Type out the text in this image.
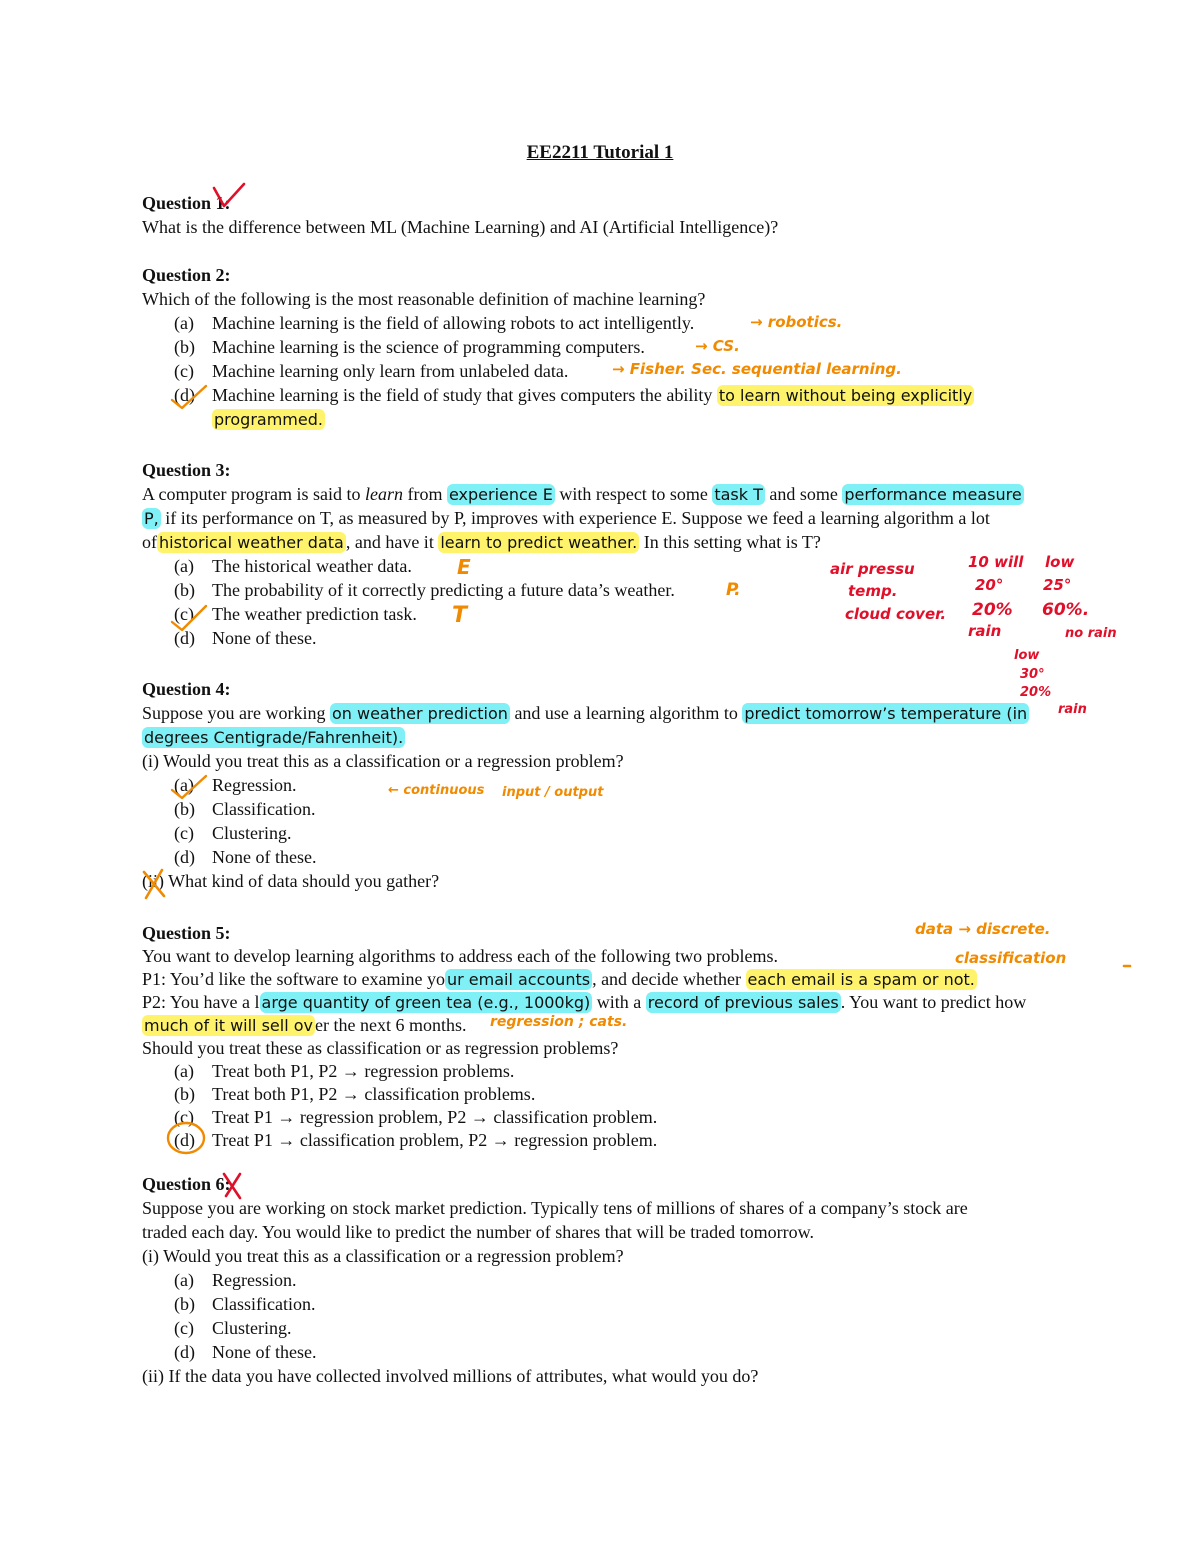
EE2211 Tutorial 1
Question 1:
What is the difference between ML (Machine Learning) and AI (Artificial Intelligence)?
Question 2:
Which of the following is the most reasonable definition of machine learning?
(a) Machine learning is the field of allowing robots to act intelligently.
(b) Machine learning is the science of programming computers.
(c) Machine learning only learn from unlabeled data.
(d) Machine learning is the field of study that gives computers the ability to learn without being explicitly
programmed.
Question 3:
A computer program is said to learn from experience E with respect to some task T and some performance measure
P, if its performance on T, as measured by P, improves with experience E. Suppose we feed a learning algorithm a lot
of historical weather data , and have it learn to predict weather. In this setting what is T?
(a) The historical weather data.
(b) The probability of it correctly predicting a future data’s weather.
(c) The weather prediction task.
(d) None of these.
Question 4:
Suppose you are working on weather prediction and use a learning algorithm to predict tomorrow’s temperature (in
degrees Centigrade/Fahrenheit).
(i) Would you treat this as a classification or a regression problem?
(a) Regression.
(b) Classification.
(c) Clustering.
(d) None of these.
(ii) What kind of data should you gather?
Question 5:
You want to develop learning algorithms to address each of the following two problems.
P1: You’d like the software to examine yo ur email accounts , and decide whether each email is a spam or not.
P2: You have a l arge quantity of green tea (e.g., 1000kg) with a record of previous sales . You want to predict how
much of it will sell ov er the next 6 months.
Should you treat these as classification or as regression problems?
(a) Treat both P1, P2 → regression problems.
(b) Treat both P1, P2 → classification problems.
(c) Treat P1 → regression problem, P2 → classification problem.
(d) Treat P1 → classification problem, P2 → regression problem.
Question 6:
Suppose you are working on stock market prediction. Typically tens of millions of shares of a company’s stock are
traded each day. You would like to predict the number of shares that will be traded tomorrow.
(i) Would you treat this as a classification or a regression problem?
(a) Regression.
(b) Classification.
(c) Clustering.
(d) None of these.
(ii) If the data you have collected involved millions of attributes, what would you do?
→ robotics.
→ CS.
→ Fisher. Sec. sequential learning.
E
P.
T
air pressu
temp.
cloud cover.
10 will
20°
20%
rain
low
25°
60%.
no rain
low
30°
20%
rain
← continuous input / output
data → discrete.
classification
regression ; cats.
